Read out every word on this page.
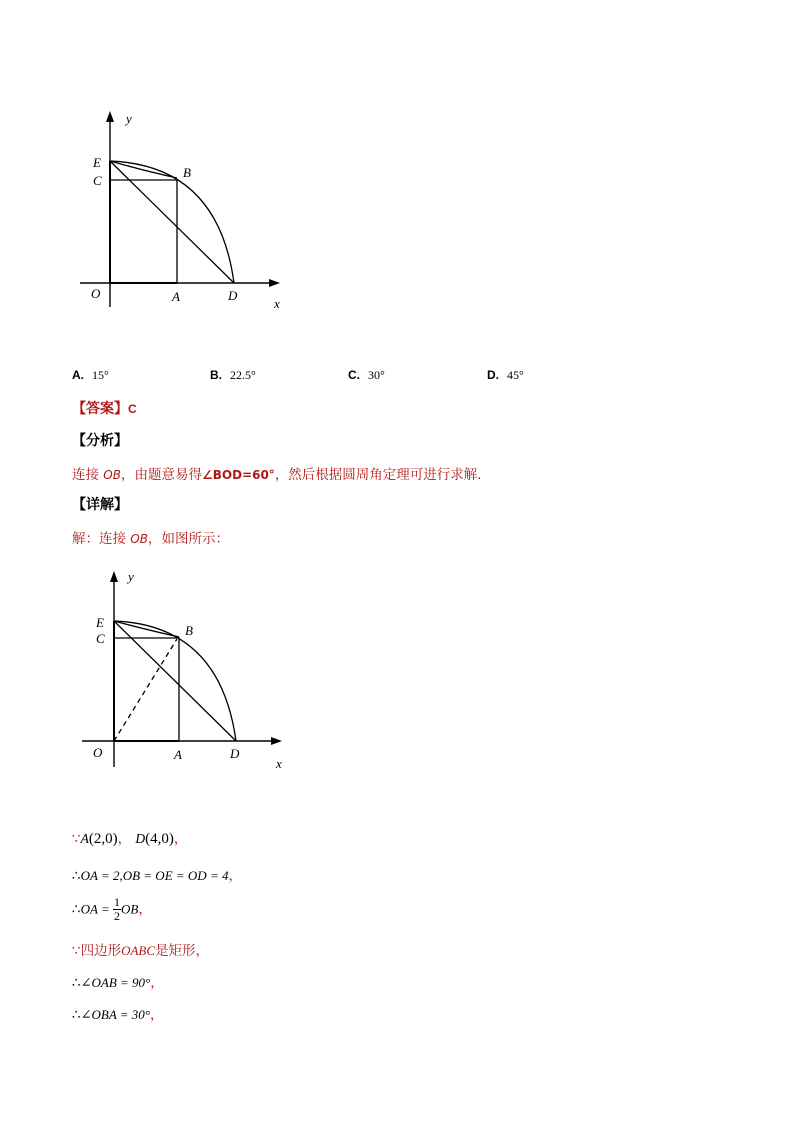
y
x
E
C
B
O	A	D
A. 15°	B. 22.5°	C. 30°	D. 45°
【答案】C
【分析】
连接 OB，由题意易得∠BOD=60°，然后根据圆周角定理可进行求解．
【详解】
解：连接 OB，如图所示：
y
x
E
C
B
O	A	D
∵A(2,0)， D(4,0)，
∴OA = 2,OB = OE = OD = 4，
∴OA = $\frac{1}{2}$ OB，
∵四边形OABC是矩形，
∴∠OAB = 90°，
∴∠OBA = 30°，
